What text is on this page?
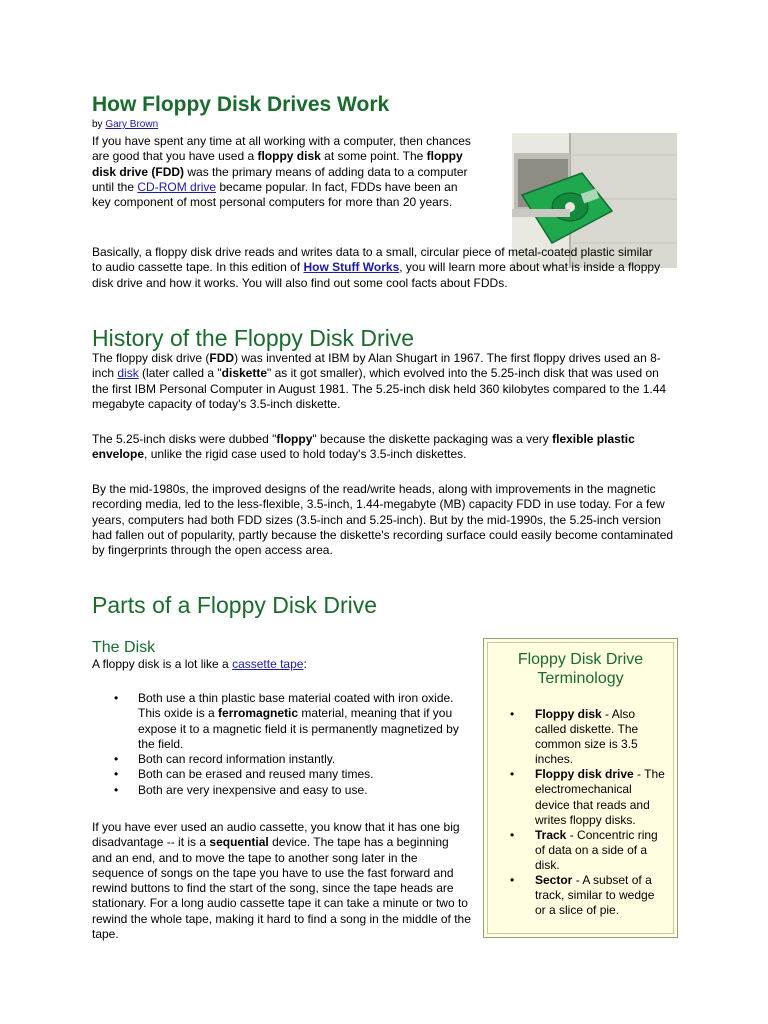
How Floppy Disk Drives Work
by Gary Brown

If you have spent any time at all working with a computer, then chances are good that you have used a floppy disk at some point. The floppy disk drive (FDD) was the primary means of adding data to a computer until the CD-ROM drive became popular. In fact, FDDs have been an key component of most personal computers for more than 20 years.

Basically, a floppy disk drive reads and writes data to a small, circular piece of metal-coated plastic similar to audio cassette tape. In this edition of How Stuff Works, you will learn more about what is inside a floppy disk drive and how it works. You will also find out some cool facts about FDDs.

History of the Floppy Disk Drive

The floppy disk drive (FDD) was invented at IBM by Alan Shugart in 1967. The first floppy drives used an 8-inch disk (later called a "diskette" as it got smaller), which evolved into the 5.25-inch disk that was used on the first IBM Personal Computer in August 1981. The 5.25-inch disk held 360 kilobytes compared to the 1.44 megabyte capacity of today's 3.5-inch diskette.

The 5.25-inch disks were dubbed "floppy" because the diskette packaging was a very flexible plastic envelope, unlike the rigid case used to hold today's 3.5-inch diskettes.

By the mid-1980s, the improved designs of the read/write heads, along with improvements in the magnetic recording media, led to the less-flexible, 3.5-inch, 1.44-megabyte (MB) capacity FDD in use today. For a few years, computers had both FDD sizes (3.5-inch and 5.25-inch). But by the mid-1990s, the 5.25-inch version had fallen out of popularity, partly because the diskette's recording surface could easily become contaminated by fingerprints through the open access area.

Parts of a Floppy Disk Drive
The Disk

A floppy disk is a lot like a cassette tape:

• Both use a thin plastic base material coated with iron oxide. This oxide is a ferromagnetic material, meaning that if you expose it to a magnetic field it is permanently magnetized by the field.
• Both can record information instantly.
• Both can be erased and reused many times.
• Both are very inexpensive and easy to use.

If you have ever used an audio cassette, you know that it has one big disadvantage -- it is a sequential device. The tape has a beginning and an end, and to move the tape to another song later in the sequence of songs on the tape you have to use the fast forward and rewind buttons to find the start of the song, since the tape heads are stationary. For a long audio cassette tape it can take a minute or two to rewind the whole tape, making it hard to find a song in the middle of the tape.

Floppy Disk Drive
Terminology
• Floppy disk - Also called diskette. The common size is 3.5 inches.
• Floppy disk drive - The electromechanical device that reads and writes floppy disks.
• Track - Concentric ring of data on a side of a disk.
• Sector - A subset of a track, similar to wedge or a slice of pie.
